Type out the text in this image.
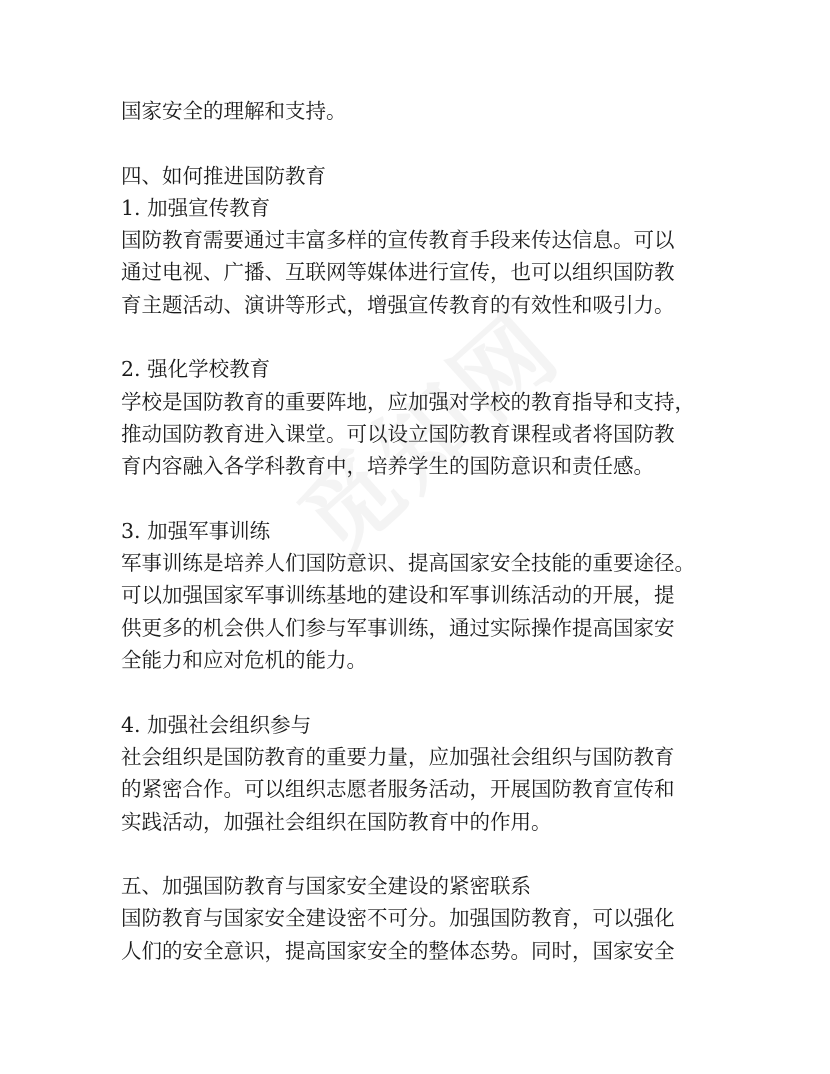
国家安全的理解和支持。

四、如何推进国防教育

1. 加强宣传教育

国防教育需要通过丰富多样的宣传教育手段来传达信息。可以

通过电视、广播、互联网等媒体进行宣传，也可以组织国防教

育主题活动、演讲等形式，增强宣传教育的有效性和吸引力。

2. 强化学校教育

学校是国防教育的重要阵地，应加强对学校的教育指导和支持，

推动国防教育进入课堂。可以设立国防教育课程或者将国防教

育内容融入各学科教育中，培养学生的国防意识和责任感。

3. 加强军事训练

军事训练是培养人们国防意识、提高国家安全技能的重要途径。

可以加强国家军事训练基地的建设和军事训练活动的开展，提

供更多的机会供人们参与军事训练，通过实际操作提高国家安

全能力和应对危机的能力。

4. 加强社会组织参与

社会组织是国防教育的重要力量，应加强社会组织与国防教育

的紧密合作。可以组织志愿者服务活动，开展国防教育宣传和

实践活动，加强社会组织在国防教育中的作用。

五、加强国防教育与国家安全建设的紧密联系

国防教育与国家安全建设密不可分。加强国防教育，可以强化

人们的安全意识，提高国家安全的整体态势。同时，国家安全
